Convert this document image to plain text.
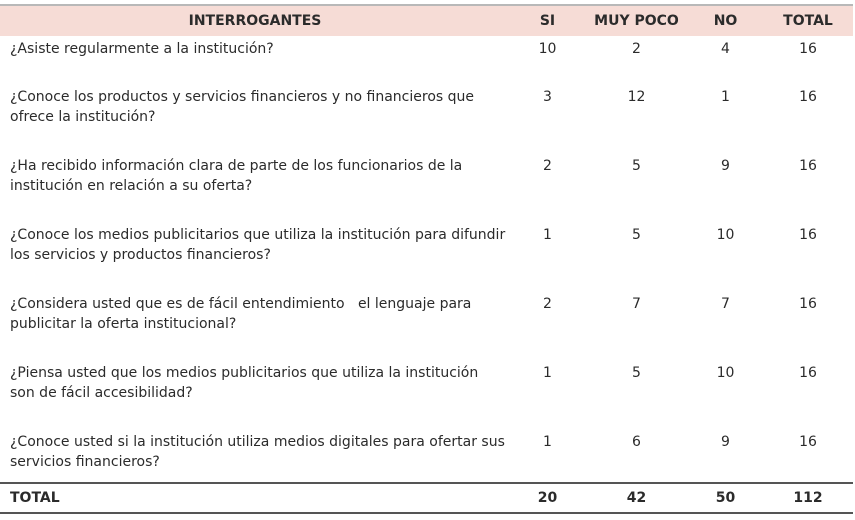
INTERROGANTES	SI	MUY POCO	NO	TOTAL
¿Asiste regularmente a la institución?	10	2	4	16
¿Conoce los productos y servicios financieros y no financieros que ofrece la institución?	3	12	1	16
¿Ha recibido información clara de parte de los funcionarios de la institución en relación a su oferta?	2	5	9	16
¿Conoce los medios publicitarios que utiliza la institución para difundir los servicios y productos financieros?	1	5	10	16
¿Considera usted que es de fácil entendimiento   el lenguaje para publicitar la oferta institucional?	2	7	7	16
¿Piensa usted que los medios publicitarios que utiliza la institución son de fácil accesibilidad?	1	5	10	16
¿Conoce usted si la institución utiliza medios digitales para ofertar sus servicios financieros?	1	6	9	16
TOTAL	20	42	50	112
